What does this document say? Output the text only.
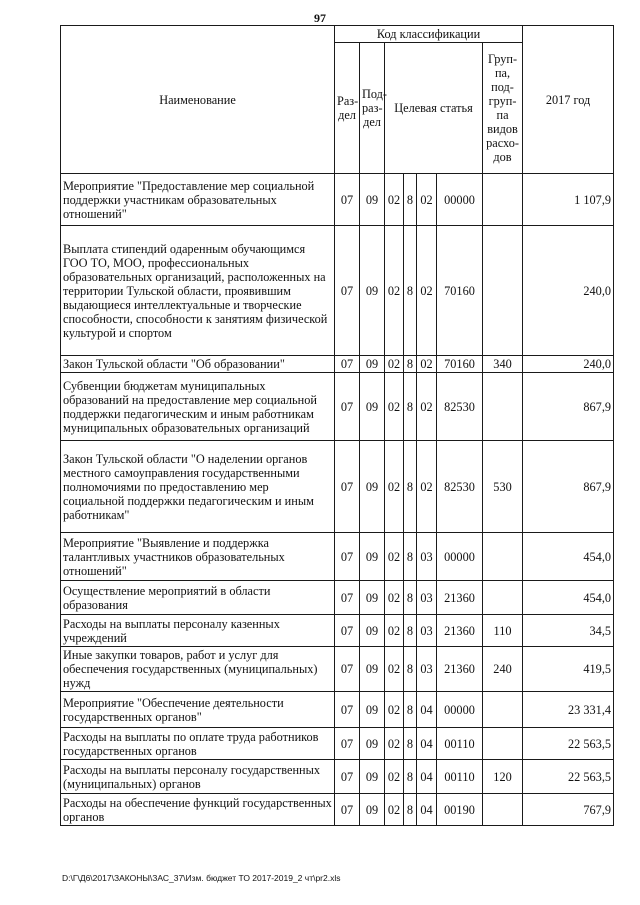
97
Наименование	Код классификации							2017 год
	Раз-дел	Под-раз-дел	Целевая статья				Груп-па, под-груп-па видов расхо-дов	
Мероприятие "Предоставление мер социальной поддержки участникам образовательных отношений"	07	09	02	8	02	00000		1 107,9
Выплата стипендий одаренным обучающимся ГОО ТО, МОО, профессиональных образовательных организаций, расположенных на территории Тульской области, проявившим выдающиеся интеллектуальные и творческие способности, способности к занятиям физической культурой и спортом	07	09	02	8	02	70160		240,0
Закон Тульской области "Об образовании"	07	09	02	8	02	70160	340	240,0
Субвенции бюджетам муниципальных образований на предоставление мер социальной поддержки педагогическим и иным работникам муниципальных образовательных организаций	07	09	02	8	02	82530		867,9
Закон Тульской области "О наделении органов местного самоуправления государственными полномочиями по предоставлению мер социальной поддержки педагогическим и иным работникам"	07	09	02	8	02	82530	530	867,9
Мероприятие "Выявление и поддержка талантливых участников образовательных отношений"	07	09	02	8	03	00000		454,0
Осуществление мероприятий в области образования	07	09	02	8	03	21360		454,0
Расходы на выплаты персоналу казенных учреждений	07	09	02	8	03	21360	110	34,5
Иные закупки товаров, работ и услуг для обеспечения государственных (муниципальных) нужд	07	09	02	8	03	21360	240	419,5
Мероприятие "Обеспечение деятельности государственных органов"	07	09	02	8	04	00000		23 331,4
Расходы на выплаты по оплате труда работников государственных органов	07	09	02	8	04	00110		22 563,5
Расходы на выплаты персоналу государственных (муниципальных) органов	07	09	02	8	04	00110	120	22 563,5
Расходы на обеспечение функций государственных органов	07	09	02	8	04	00190		767,9
D:\Г\Д6\2017\ЗАКОНЫ\ЗАС_37\Изм. бюджет ТО 2017-2019_2 чт\pr2.xls
